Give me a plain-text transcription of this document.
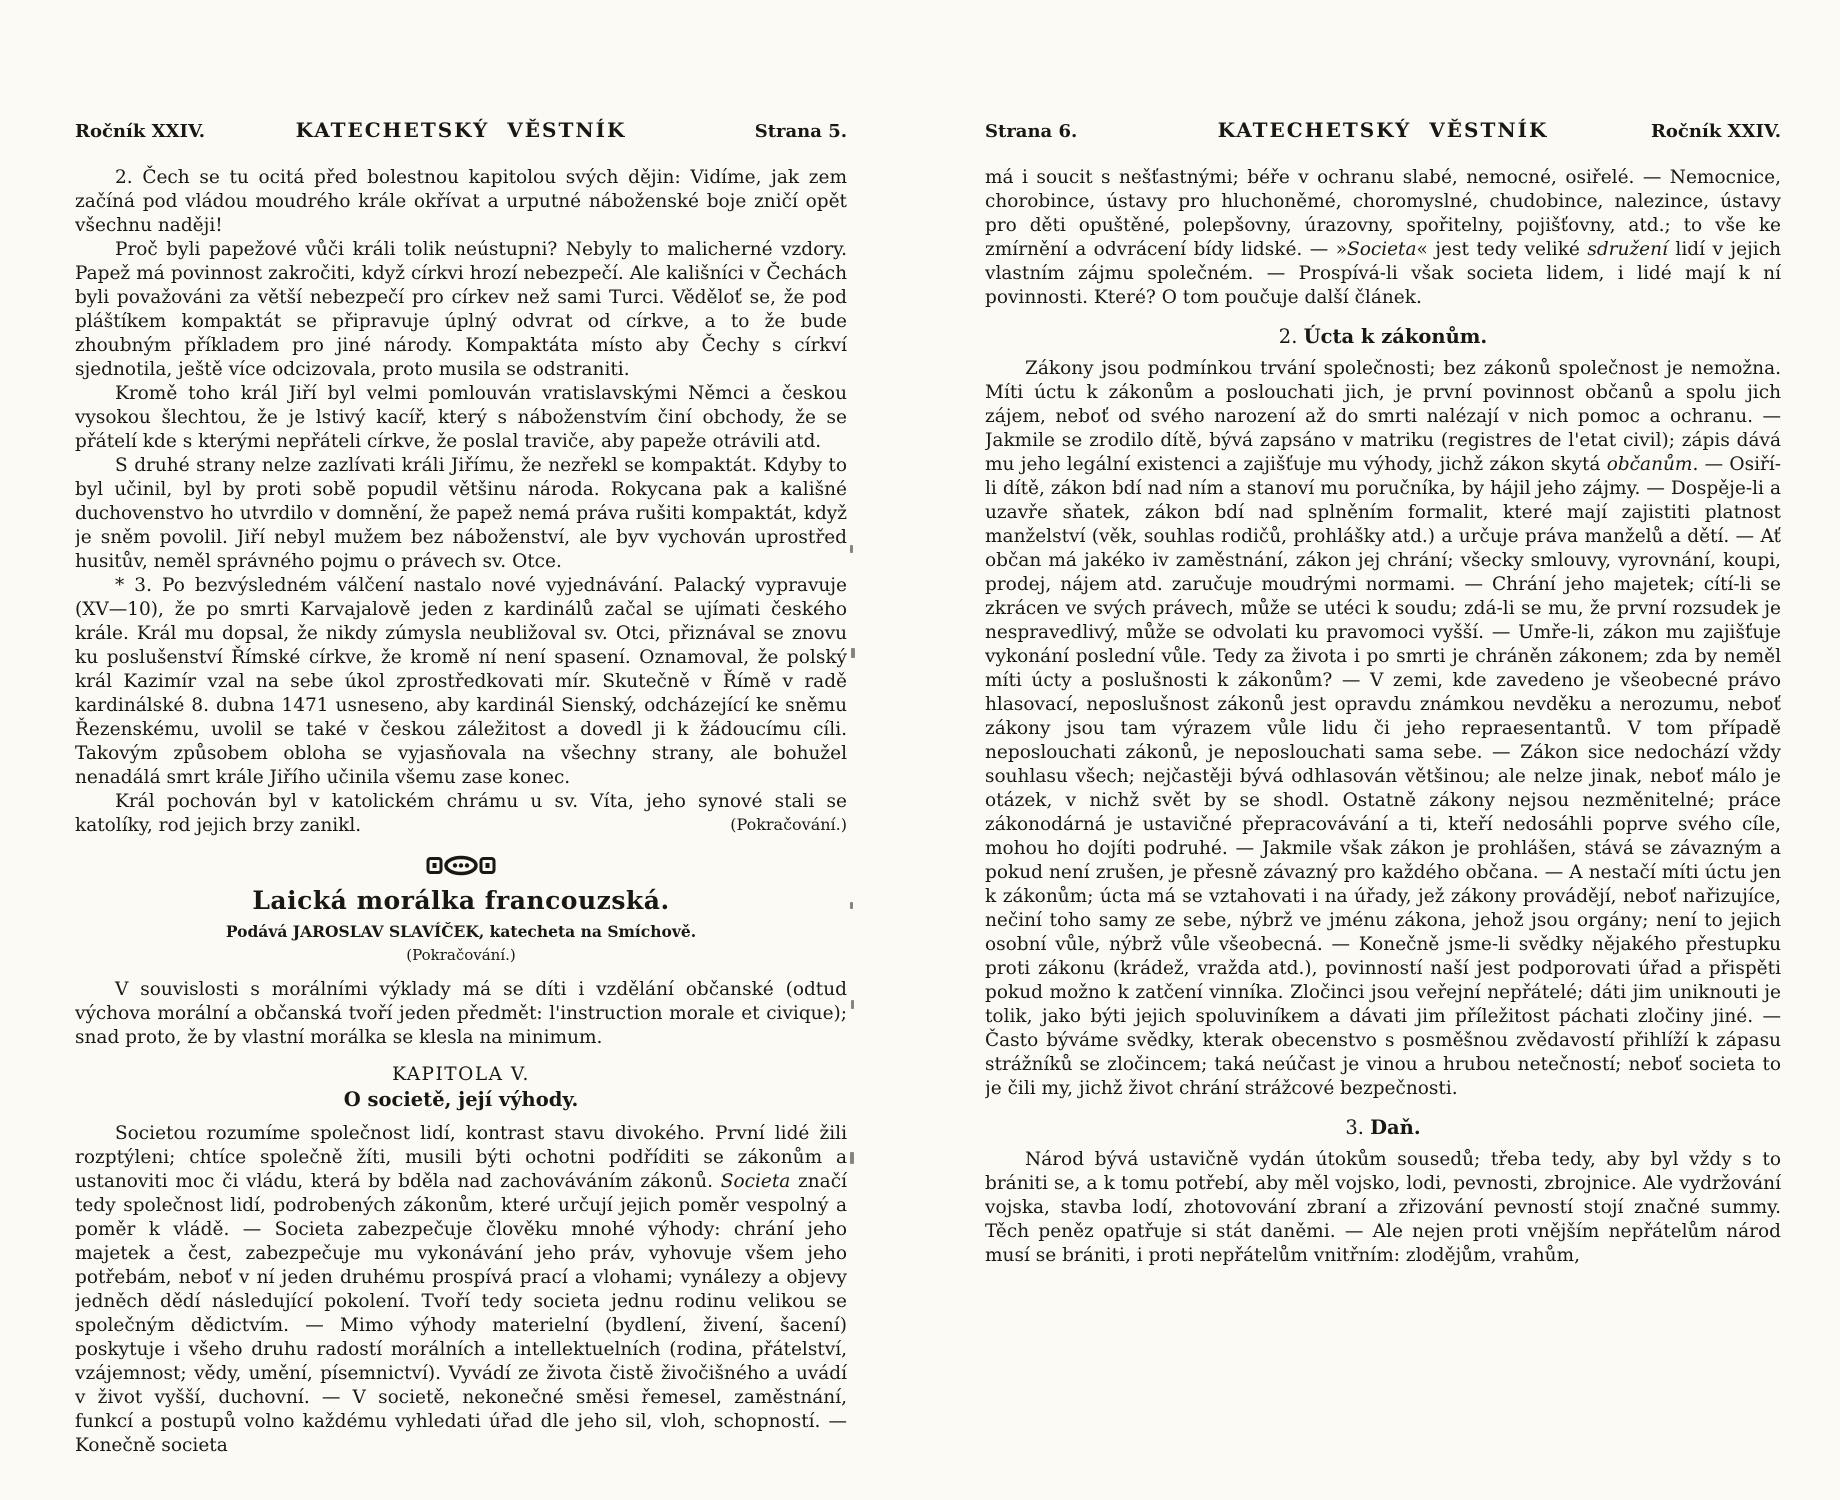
Ročník XXIV.	KATECHETSKÝ VĚSTNÍK	Strana 5.

2. Čech se tu ocitá před bolestnou kapitolou svých dějin: Vidíme, jak zem začíná pod vládou moudrého krále okřívat a urputné náboženské boje zničí opět všechnu naději!

Proč byli papežové vůči králi tolik neústupni? Nebyly to malicherné vzdory. Papež má povinnost zakročiti, když církvi hrozí nebezpečí. Ale kališníci v Čechách byli považováni za větší nebezpečí pro církev než sami Turci. Věděloť se, že pod pláštíkem kompaktát se připravuje úplný odvrat od církve, a to že bude zhoubným příkladem pro jiné národy. Kompaktáta místo aby Čechy s církví sjednotila, ještě více odcizovala, proto musila se odstraniti.

Kromě toho král Jiří byl velmi pomlouván vratislavskými Němci a českou vysokou šlechtou, že je lstivý kacíř, který s náboženstvím činí obchody, že se přátelí kde s kterými nepřáteli církve, že poslal traviče, aby papeže otrávili atd.

S druhé strany nelze zazlívati králi Jiřímu, že nezřekl se kompaktát. Kdyby to byl učinil, byl by proti sobě popudil většinu národa. Rokycana pak a kališné duchovenstvo ho utvrdilo v domnění, že papež nemá práva rušiti kompaktát, když je sněm povolil. Jiří nebyl mužem bez náboženství, ale byv vychován uprostřed husitův, neměl správného pojmu o právech sv. Otce.

* 3. Po bezvýsledném válčení nastalo nové vyjednávání. Palacký vypravuje (XV—10), že po smrti Karvajalově jeden z kardinálů začal se ujímati českého krále. Král mu dopsal, že nikdy zúmysla neubližoval sv. Otci, přiznával se znovu ku poslušenství Římské církve, že kromě ní není spasení. Oznamoval, že polský král Kazimír vzal na sebe úkol zprostředkovati mír. Skutečně v Římě v radě kardinálské 8. dubna 1471 usneseno, aby kardinál Sienský, odcházející ke sněmu Řezenskému, uvolil se také v českou záležitost a dovedl ji k žádoucímu cíli. Takovým způsobem obloha se vyjasňovala na všechny strany, ale bohužel nenadálá smrt krále Jiřího učinila všemu zase konec.

Král pochován byl v katolickém chrámu u sv. Víta, jeho synové stali se katolíky, rod jejich brzy zanikl.	(Pokračování.)

Laická morálka francouzská.
Podává JAROSLAV SLAVÍČEK, katecheta na Smíchově.
(Pokračování.)

V souvislosti s morálními výklady má se díti i vzdělání občanské (odtud výchova morální a občanská tvoří jeden předmět: l'instruction morale et civique); snad proto, že by vlastní morálka se klesla na minimum.

KAPITOLA V.
O societě, její výhody.

Societou rozumíme společnost lidí, kontrast stavu divokého. První lidé žili rozptýleni; chtíce společně žíti, musili býti ochotni podříditi se zákonům a ustanoviti moc či vládu, která by bděla nad zachováváním zákonů. Societa značí tedy společnost lidí, podrobených zákonům, které určují jejich poměr vespolný a poměr k vládě. — Societa zabezpečuje člověku mnohé výhody: chrání jeho majetek a čest, zabezpečuje mu vykonávání jeho práv, vyhovuje všem jeho potřebám, neboť v ní jeden druhému prospívá prací a vlohami; vynálezy a objevy jedněch dědí následující pokolení. Tvoří tedy societa jednu rodinu velikou se společným dědictvím. — Mimo výhody materielní (bydlení, živení, šacení) poskytuje i všeho druhu radostí morálních a intellektuelních (rodina, přátelství, vzájemnost; vědy, umění, písemnictví). Vyvádí ze života čistě živočišného a uvádí v život vyšší, duchovní. — V societě, nekonečné směsi řemesel, zaměstnání, funkcí a postupů volno každému vyhledati úřad dle jeho sil, vloh, schopností. — Konečně societa

Strana 6.	KATECHETSKÝ VĚSTNÍK	Ročník XXIV.

má i soucit s nešťastnými; béře v ochranu slabé, nemocné, osiřelé. — Nemocnice, chorobince, ústavy pro hluchoněmé, choromyslné, chudobince, nalezince, ústavy pro děti opuštěné, polepšovny, úrazovny, spořitelny, pojišťovny, atd.; to vše ke zmírnění a odvrácení bídy lidské. — »Societa« jest tedy veliké sdružení lidí v jejich vlastním zájmu společném. — Prospívá-li však societa lidem, i lidé mají k ní povinnosti. Které? O tom poučuje další článek.

2. Úcta k zákonům.

Zákony jsou podmínkou trvání společnosti; bez zákonů společnost je nemožna. Míti úctu k zákonům a poslouchati jich, je první povinnost občanů a spolu jich zájem, neboť od svého narození až do smrti nalézají v nich pomoc a ochranu. — Jakmile se zrodilo dítě, bývá zapsáno v matriku (registres de l'etat civil); zápis dává mu jeho legální existenci a zajišťuje mu výhody, jichž zákon skytá občanům. — Osiří-li dítě, zákon bdí nad ním a stanoví mu poručníka, by hájil jeho zájmy. — Dospěje-li a uzavře sňatek, zákon bdí nad splněním formalit, které mají zajistiti platnost manželství (věk, souhlas rodičů, prohlášky atd.) a určuje práva manželů a dětí. — Ať občan má jakéko iv zaměstnání, zákon jej chrání; všecky smlouvy, vyrovnání, koupi, prodej, nájem atd. zaručuje moudrými normami. — Chrání jeho majetek; cítí-li se zkrácen ve svých právech, může se utéci k soudu; zdá-li se mu, že první rozsudek je nespravedlivý, může se odvolati ku pravomoci vyšší. — Umře-li, zákon mu zajišťuje vykonání poslední vůle. Tedy za života i po smrti je chráněn zákonem; zda by neměl míti úcty a poslušnosti k zákonům? — V zemi, kde zavedeno je všeobecné právo hlasovací, neposlušnost zákonů jest opravdu známkou nevděku a nerozumu, neboť zákony jsou tam výrazem vůle lidu či jeho repraesentantů. V tom případě neposlouchati zákonů, je neposlouchati sama sebe. — Zákon sice nedochází vždy souhlasu všech; nejčastěji bývá odhlasován většinou; ale nelze jinak, neboť málo je otázek, v nichž svět by se shodl. Ostatně zákony nejsou nezměnitelné; práce zákonodárná je ustavičné přepracovávání a ti, kteří nedosáhli poprve svého cíle, mohou ho dojíti podruhé. — Jakmile však zákon je prohlášen, stává se závazným a pokud není zrušen, je přesně závazný pro každého občana. — A nestačí míti úctu jen k zákonům; úcta má se vztahovati i na úřady, jež zákony provádějí, neboť nařizujíce, nečiní toho samy ze sebe, nýbrž ve jménu zákona, jehož jsou orgány; není to jejich osobní vůle, nýbrž vůle všeobecná. — Konečně jsme-li svědky nějakého přestupku proti zákonu (krádež, vražda atd.), povinností naší jest podporovati úřad a přispěti pokud možno k zatčení vinníka. Zločinci jsou veřejní nepřátelé; dáti jim uniknouti je tolik, jako býti jejich spoluviníkem a dávati jim příležitost páchati zločiny jiné. — Často býváme svědky, kterak obecenstvo s posměšnou zvědavostí přihlíží k zápasu strážníků se zločincem; taká neúčast je vinou a hrubou netečností; neboť societa to je čili my, jichž život chrání strážcové bezpečnosti.

3. Daň.

Národ bývá ustavičně vydán útokům sousedů; třeba tedy, aby byl vždy s to brániti se, a k tomu potřebí, aby měl vojsko, lodi, pevnosti, zbrojnice. Ale vydržování vojska, stavba lodí, zhotovování zbraní a zřizování pevností stojí značné summy. Těch peněz opatřuje si stát daněmi. — Ale nejen proti vnějším nepřátelům národ musí se brániti, i proti nepřátelům vnitřním: zlodějům, vrahům,
